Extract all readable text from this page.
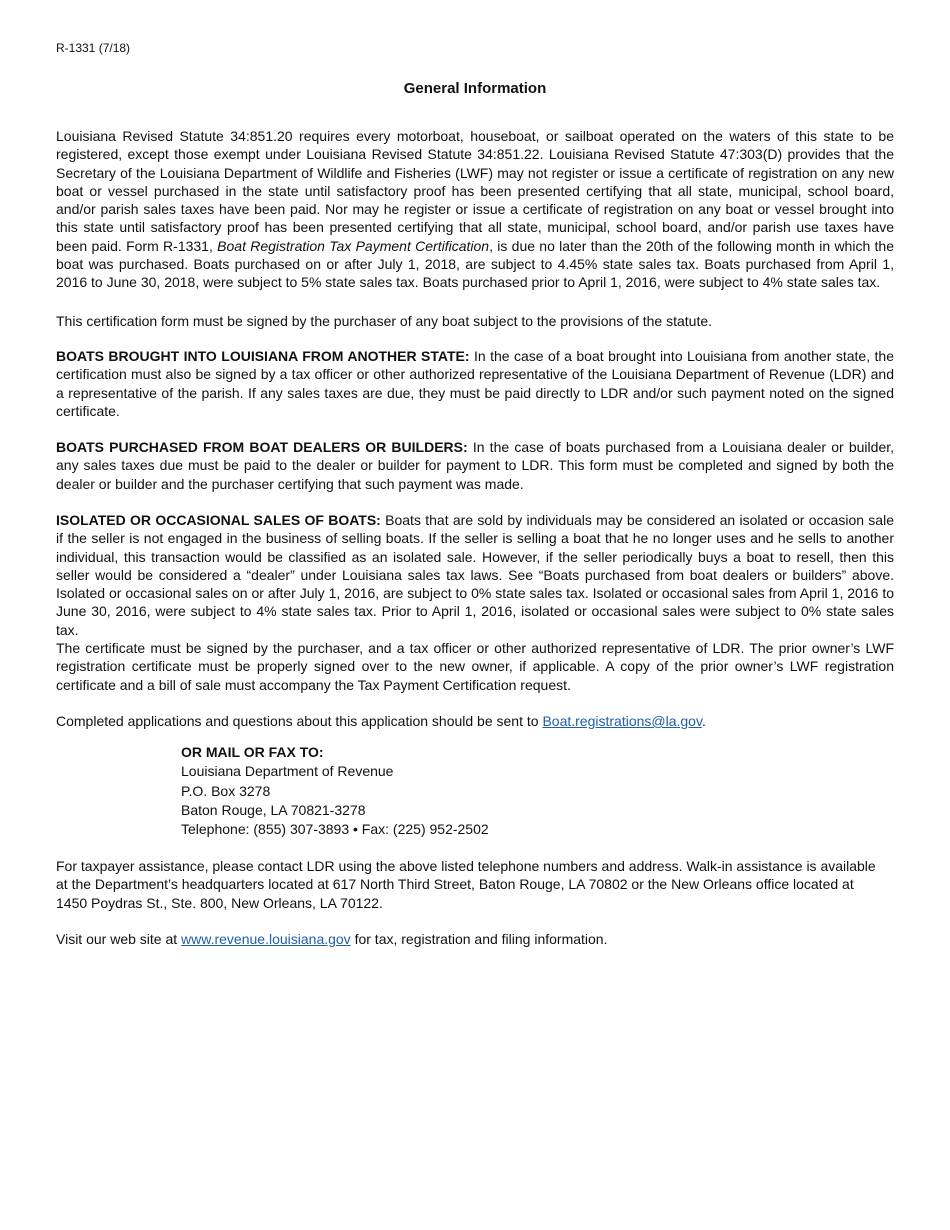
R-1331 (7/18)
General Information

Louisiana Revised Statute 34:851.20 requires every motorboat, houseboat, or sailboat operated on the waters of this state to be registered, except those exempt under Louisiana Revised Statute 34:851.22. Louisiana Revised Statute 47:303(D) provides that the Secretary of the Louisiana Department of Wildlife and Fisheries (LWF) may not register or issue a certificate of registration on any new boat or vessel purchased in the state until satisfactory proof has been presented certifying that all state, municipal, school board, and/or parish sales taxes have been paid. Nor may he register or issue a certificate of registration on any boat or vessel brought into this state until satisfactory proof has been presented certifying that all state, municipal, school board, and/or parish use taxes have been paid. Form R-1331, Boat Registration Tax Payment Certification, is due no later than the 20th of the following month in which the boat was purchased. Boats purchased on or after July 1, 2018, are subject to 4.45% state sales tax. Boats purchased from April 1, 2016 to June 30, 2018, were subject to 5% state sales tax. Boats purchased prior to April 1, 2016, were subject to 4% state sales tax.

This certification form must be signed by the purchaser of any boat subject to the provisions of the statute.

BOATS BROUGHT INTO LOUISIANA FROM ANOTHER STATE: In the case of a boat brought into Louisiana from another state, the certification must also be signed by a tax officer or other authorized representative of the Louisiana Department of Revenue (LDR) and a representative of the parish. If any sales taxes are due, they must be paid directly to LDR and/or such payment noted on the signed certificate.

BOATS PURCHASED FROM BOAT DEALERS OR BUILDERS: In the case of boats purchased from a Louisiana dealer or builder, any sales taxes due must be paid to the dealer or builder for payment to LDR. This form must be completed and signed by both the dealer or builder and the purchaser certifying that such payment was made.

ISOLATED OR OCCASIONAL SALES OF BOATS: Boats that are sold by individuals may be considered an isolated or occasion sale if the seller is not engaged in the business of selling boats. If the seller is selling a boat that he no longer uses and he sells to another individual, this transaction would be classified as an isolated sale. However, if the seller periodically buys a boat to resell, then this seller would be considered a “dealer” under Louisiana sales tax laws. See “Boats purchased from boat dealers or builders” above. Isolated or occasional sales on or after July 1, 2016, are subject to 0% state sales tax. Isolated or occasional sales from April 1, 2016 to June 30, 2016, were subject to 4% state sales tax. Prior to April 1, 2016, isolated or occasional sales were subject to 0% state sales tax.

The certificate must be signed by the purchaser, and a tax officer or other authorized representative of LDR. The prior owner’s LWF registration certificate must be properly signed over to the new owner, if applicable. A copy of the prior owner’s LWF registration certificate and a bill of sale must accompany the Tax Payment Certification request.

Completed applications and questions about this application should be sent to Boat.registrations@la.gov.

OR MAIL OR FAX TO:
Louisiana Department of Revenue
P.O. Box 3278
Baton Rouge, LA 70821-3278
Telephone: (855) 307-3893 • Fax: (225) 952-2502
For taxpayer assistance, please contact LDR using the above listed telephone numbers and address. Walk-in assistance is available
at the Department’s headquarters located at 617 North Third Street, Baton Rouge, LA 70802 or the New Orleans office located at
1450 Poydras St., Ste. 800, New Orleans, LA 70122.

Visit our web site at www.revenue.louisiana.gov for tax, registration and filing information.
